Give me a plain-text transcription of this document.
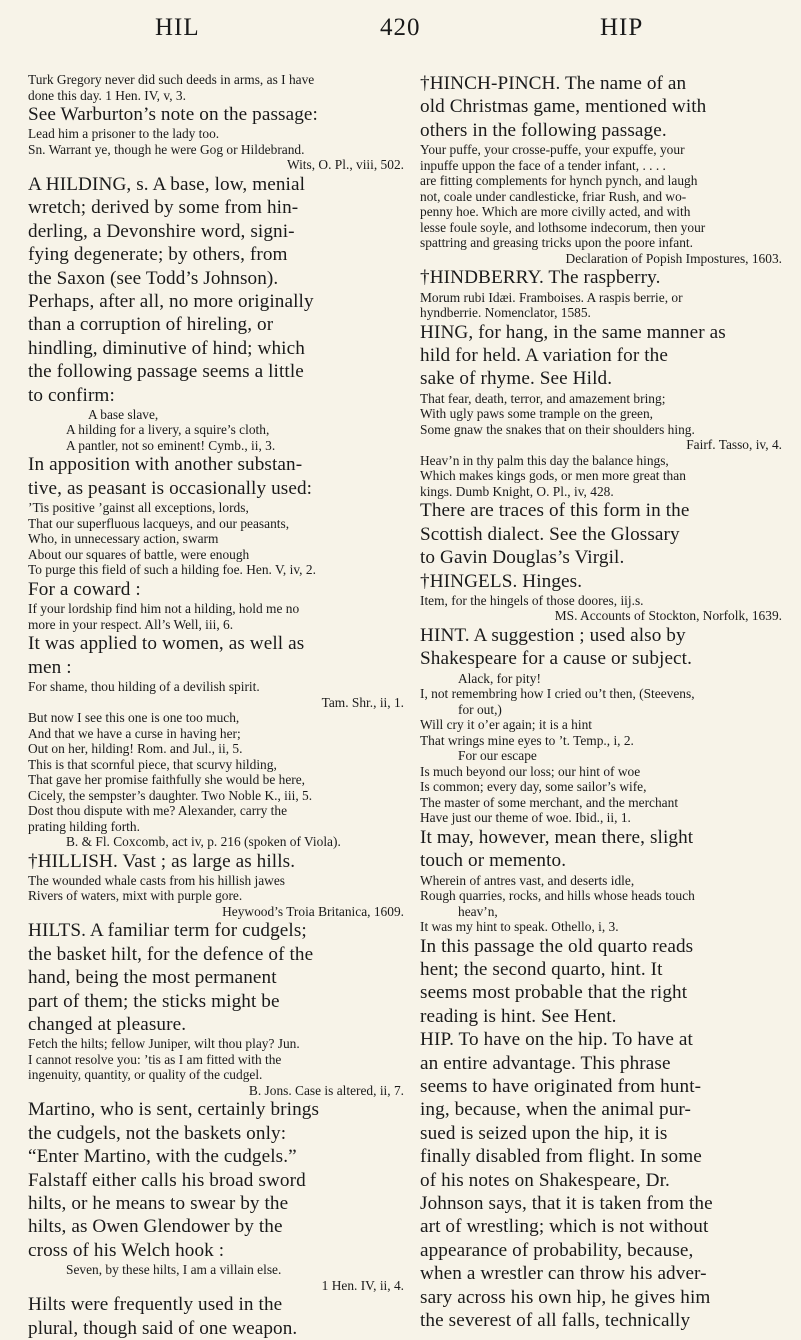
HIL	420	HIP
Turk Gregory never did such deeds in arms, as I have
done this day. 1 Hen. IV, v, 3.
See Warburton’s note on the passage:
Lead him a prisoner to the lady too.
Sn. Warrant ye, though he were Gog or Hildebrand.
Wits, O. Pl., viii, 502.
A HILDING, s. A base, low, menial
wretch; derived by some from hin-
derling, a Devonshire word, signi-
fying degenerate; by others, from
the Saxon (see Todd’s Johnson).
Perhaps, after all, no more originally
than a corruption of hireling, or
hindling, diminutive of hind; which
the following passage seems a little
to confirm:
A base slave,
A hilding for a livery, a squire’s cloth,
A pantler, not so eminent! Cymb., ii, 3.
In apposition with another substan-
tive, as peasant is occasionally used:
’Tis positive ’gainst all exceptions, lords,
That our superfluous lacqueys, and our peasants,
Who, in unnecessary action, swarm
About our squares of battle, were enough
To purge this field of such a hilding foe. Hen. V, iv, 2.
For a coward :
If your lordship find him not a hilding, hold me no
more in your respect. All’s Well, iii, 6.
It was applied to women, as well as
men :
For shame, thou hilding of a devilish spirit.
Tam. Shr., ii, 1.
But now I see this one is one too much,
And that we have a curse in having her;
Out on her, hilding! Rom. and Jul., ii, 5.
This is that scornful piece, that scurvy hilding,
That gave her promise faithfully she would be here,
Cicely, the sempster’s daughter. Two Noble K., iii, 5.
Dost thou dispute with me? Alexander, carry the
prating hilding forth.
B. & Fl. Coxcomb, act iv, p. 216 (spoken of Viola).
†HILLISH. Vast ; as large as hills.
The wounded whale casts from his hillish jawes
Rivers of waters, mixt with purple gore.
Heywood’s Troia Britanica, 1609.
HILTS. A familiar term for cudgels;
the basket hilt, for the defence of the
hand, being the most permanent
part of them; the sticks might be
changed at pleasure.
Fetch the hilts; fellow Juniper, wilt thou play? Jun.
I cannot resolve you: ’tis as I am fitted with the
ingenuity, quantity, or quality of the cudgel.
B. Jons. Case is altered, ii, 7.
Martino, who is sent, certainly brings
the cudgels, not the baskets only:
“Enter Martino, with the cudgels.”
Falstaff either calls his broad sword
hilts, or he means to swear by the
hilts, as Owen Glendower by the
cross of his Welch hook :
Seven, by these hilts, I am a villain else.
1 Hen. IV, ii, 4.
Hilts were frequently used in the
plural, though said of one weapon.
†HINCH-PINCH. The name of an
old Christmas game, mentioned with
others in the following passage.
Your puffe, your crosse-puffe, your expuffe, your
inpuffe uppon the face of a tender infant, . . . .
are fitting complements for hynch pynch, and laugh
not, coale under candlesticke, friar Rush, and wo-
penny hoe. Which are more civilly acted, and with
lesse foule soyle, and lothsome indecorum, then your
spattring and greasing tricks upon the poore infant.
Declaration of Popish Impostures, 1603.
†HINDBERRY. The raspberry.
Morum rubi Idæi. Framboises. A raspis berrie, or
hyndberrie. Nomenclator, 1585.
HING, for hang, in the same manner as
hild for held. A variation for the
sake of rhyme. See Hild.
That fear, death, terror, and amazement bring;
With ugly paws some trample on the green,
Some gnaw the snakes that on their shoulders hing.
Fairf. Tasso, iv, 4.
Heav’n in thy palm this day the balance hings,
Which makes kings gods, or men more great than
kings. Dumb Knight, O. Pl., iv, 428.
There are traces of this form in the
Scottish dialect. See the Glossary
to Gavin Douglas’s Virgil.
†HINGELS. Hinges.
Item, for the hingels of those doores, iij.s.
MS. Accounts of Stockton, Norfolk, 1639.
HINT. A suggestion ; used also by
Shakespeare for a cause or subject.
Alack, for pity!
I, not remembring how I cried ou’t then, (Steevens,
for out,)
Will cry it o’er again; it is a hint
That wrings mine eyes to ’t. Temp., i, 2.
For our escape
Is much beyond our loss; our hint of woe
Is common; every day, some sailor’s wife,
The master of some merchant, and the merchant
Have just our theme of woe. Ibid., ii, 1.
It may, however, mean there, slight
touch or memento.
Wherein of antres vast, and deserts idle,
Rough quarries, rocks, and hills whose heads touch
heav’n,
It was my hint to speak. Othello, i, 3.
In this passage the old quarto reads
hent; the second quarto, hint. It
seems most probable that the right
reading is hint. See Hent.
HIP. To have on the hip. To have at
an entire advantage. This phrase
seems to have originated from hunt-
ing, because, when the animal pur-
sued is seized upon the hip, it is
finally disabled from flight. In some
of his notes on Shakespeare, Dr.
Johnson says, that it is taken from the
art of wrestling; which is not without
appearance of probability, because,
when a wrestler can throw his adver-
sary across his own hip, he gives him
the severest of all falls, technically
